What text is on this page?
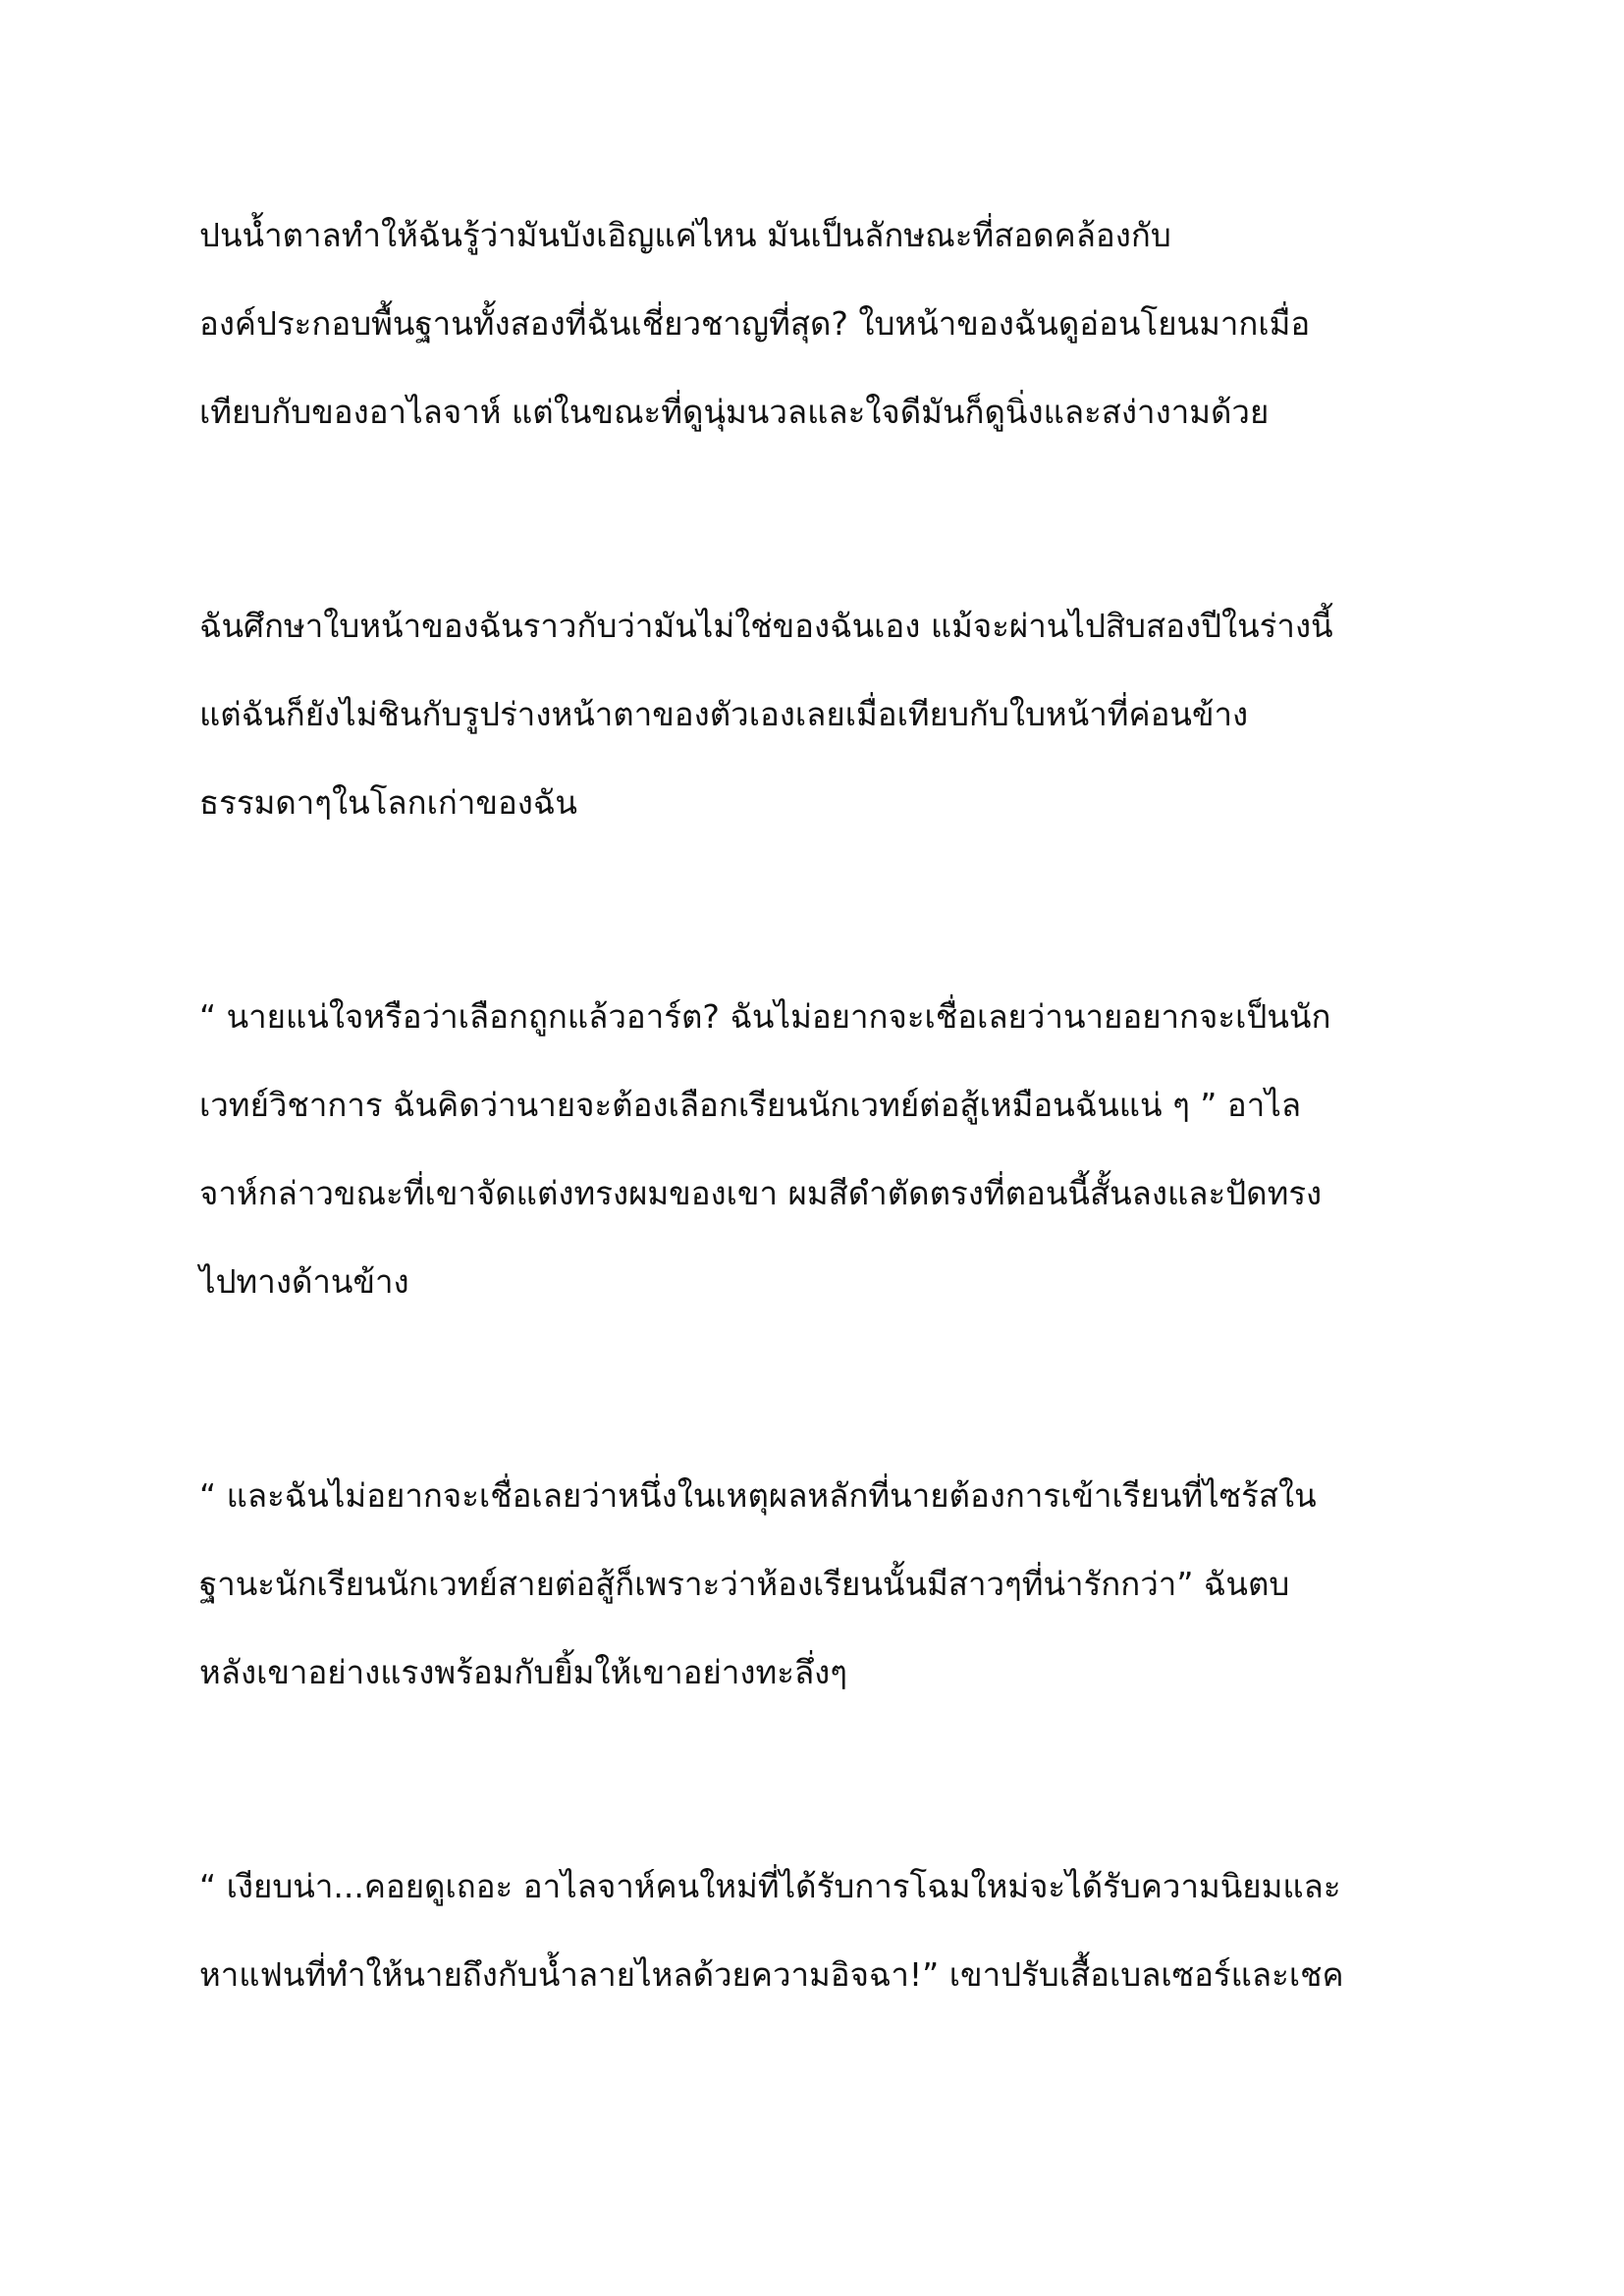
ปนน้ำตาลทำให้ฉันรู้ว่ามันบังเอิญแค่ไหน มันเป็นลักษณะที่สอดคล้องกับ
องค์ประกอบพื้นฐานทั้งสองที่ฉันเชี่ยวชาญที่สุด? ใบหน้าของฉันดูอ่อนโยนมากเมื่อ
เทียบกับของอาไลจาห์ แต่ในขณะที่ดูนุ่มนวลและใจดีมันก็ดูนิ่งและสง่างามด้วย
ฉันศึกษาใบหน้าของฉันราวกับว่ามันไม่ใช่ของฉันเอง แม้จะผ่านไปสิบสองปีในร่างนี้
แต่ฉันก็ยังไม่ชินกับรูปร่างหน้าตาของตัวเองเลยเมื่อเทียบกับใบหน้าที่ค่อนข้าง
ธรรมดาๆในโลกเก่าของฉัน
“ นายแน่ใจหรือว่าเลือกถูกแล้วอาร์ต? ฉันไม่อยากจะเชื่อเลยว่านายอยากจะเป็นนัก
เวทย์วิชาการ ฉันคิดว่านายจะต้องเลือกเรียนนักเวทย์ต่อสู้เหมือนฉันแน่ ๆ ” อาไล
จาห์กล่าวขณะที่เขาจัดแต่งทรงผมของเขา ผมสีดำตัดตรงที่ตอนนี้สั้นลงและปัดทรง
ไปทางด้านข้าง
“ และฉันไม่อยากจะเชื่อเลยว่าหนึ่งในเหตุผลหลักที่นายต้องการเข้าเรียนที่ไซร้สใน
ฐานะนักเรียนนักเวทย์สายต่อสู้ก็เพราะว่าห้องเรียนนั้นมีสาวๆที่น่ารักกว่า” ฉันตบ
หลังเขาอย่างแรงพร้อมกับยิ้มให้เขาอย่างทะลึ่งๆ
“ เงียบน่า...คอยดูเถอะ อาไลจาห์คนใหม่ที่ได้รับการโฉมใหม่จะได้รับความนิยมและ
หาแฟนที่ทำให้นายถึงกับน้ำลายไหลด้วยความอิจฉา!” เขาปรับเสื้อเบลเซอร์และเชค
